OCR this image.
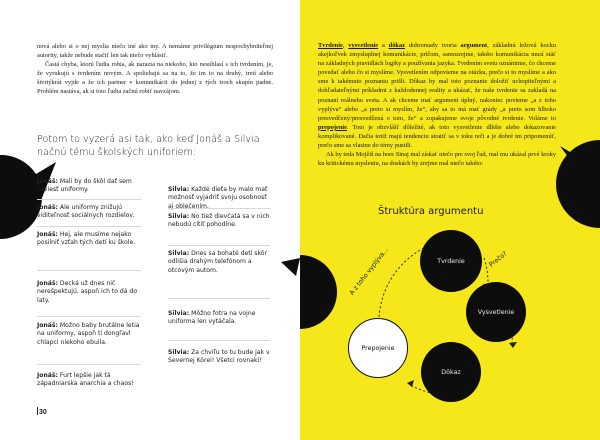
nová alebo si o nej myslia niečo iné ako my. A nemáme privilégium nespochybniteľnej autority, takže nebude stačiť len tak niečo vyhlásiť.

Častá chyba, ktorú ľudia robia, ak narazia na niekoho, kto nesúhlasí s ich tvrdením, je, že vyrukujú s tvrdením novým. A spoliehajú sa na to, že im to na druhý, tretí alebo štvrtýkrát vyjde a že ich partner v komunikácii do jednej z tých troch skupín padne. Problém nastáva, ak si toto ľudia začnú robiť navzájom.

Potom to vyzerá asi tak, ako keď Jonáš a Silvia načnú tému školských uniforiem:
Jonáš: Mali by do škôl dať sem zaviesť uniformy.
Jonáš: Ale uniformy znižujú viditeľnosť sociálnych rozdielov.
Jonáš: Hej, ale musíme nejako posilniť vzťah tých detí ku škole.
Jonáš: Decká už dnes nič nerešpektujú, aspoň ich to dá do laty.
Jonáš: Možno baby brutálne letia na uniformy, aspoň ti dongľavl chlapci niekoho ebuila.
Jonáš: Furt lepšie jak tá západniarska anarchia a chaos!
Silvia: Každé dieťa by malo mať možnosť vyjadriť svoju osobnosť aj oblečením.
Silvia: No tiež dievčatá sa v nich nebudú cítiť pohodlne.
Silvia: Dnes sa bohaté deti skôr odlišia drahým telefónom a otcovým autom.
Silvia: Môžno fotra na vojne uniforma len vytáčala.
Silvia: Za chvíľu to tu bude jak v Severnej Kórei! Všetci rovnakí!
30

Tvrdenie, vysvetlenie a dôkaz dohromady tvoria argument, základnú ležovú kocku akejkoľvek zmysluplnej komunikácie, príčom, samozrejme, takéto komunikácia musí stáť na základných pravidlách logiky a používania jazyka. Tvrdením svetu oznámime, čo chceme povedať alebo čo si myslíme. Vysvetlením odpovieme na otázku, prečo si to myslíme a ako sme k takémuto poznaniu prišli. Dôkaz by mal toto poznanie doložiť uchopiteľnými a dohľadateľnými príkladmi z každodennej reality a ukázať, že naše tvrdenie sa zakladá na poznaní reálneho sveta. A ak chceme mať argument úplný, nakoniec povieme „a z toho vyplýva“ alebo „a preto si myslím, že“, aby sa to má mať grády „a preto som hlboko presvedčený/presvedčená o tom, že“ a zopakujeme svoje pôvodné tvrdenie. Voláme to prepojenie. Toto je obzvlášť dôležité, ak toto vysvetlenie dlhšie alebo dokazovanie komplikované. Dačia totiž majú tendenciu stratiť sa v toku reči a je dobré im pripomenúť, prečo sme sa vlastne do témy pustili.

Ak by teda Mojžiš na hore Sinaj mal získať niečo pre svoj ľud, mal mu ukázal prvé kroky ku kritickému mysleniu, na doskách by zrejme mal niečo takéto:

Štruktúra argumentu
Tvrdenie
Vysvetlenie
Dôkaz
Prepojenie
Prečo?
A z toho vyplýva...
